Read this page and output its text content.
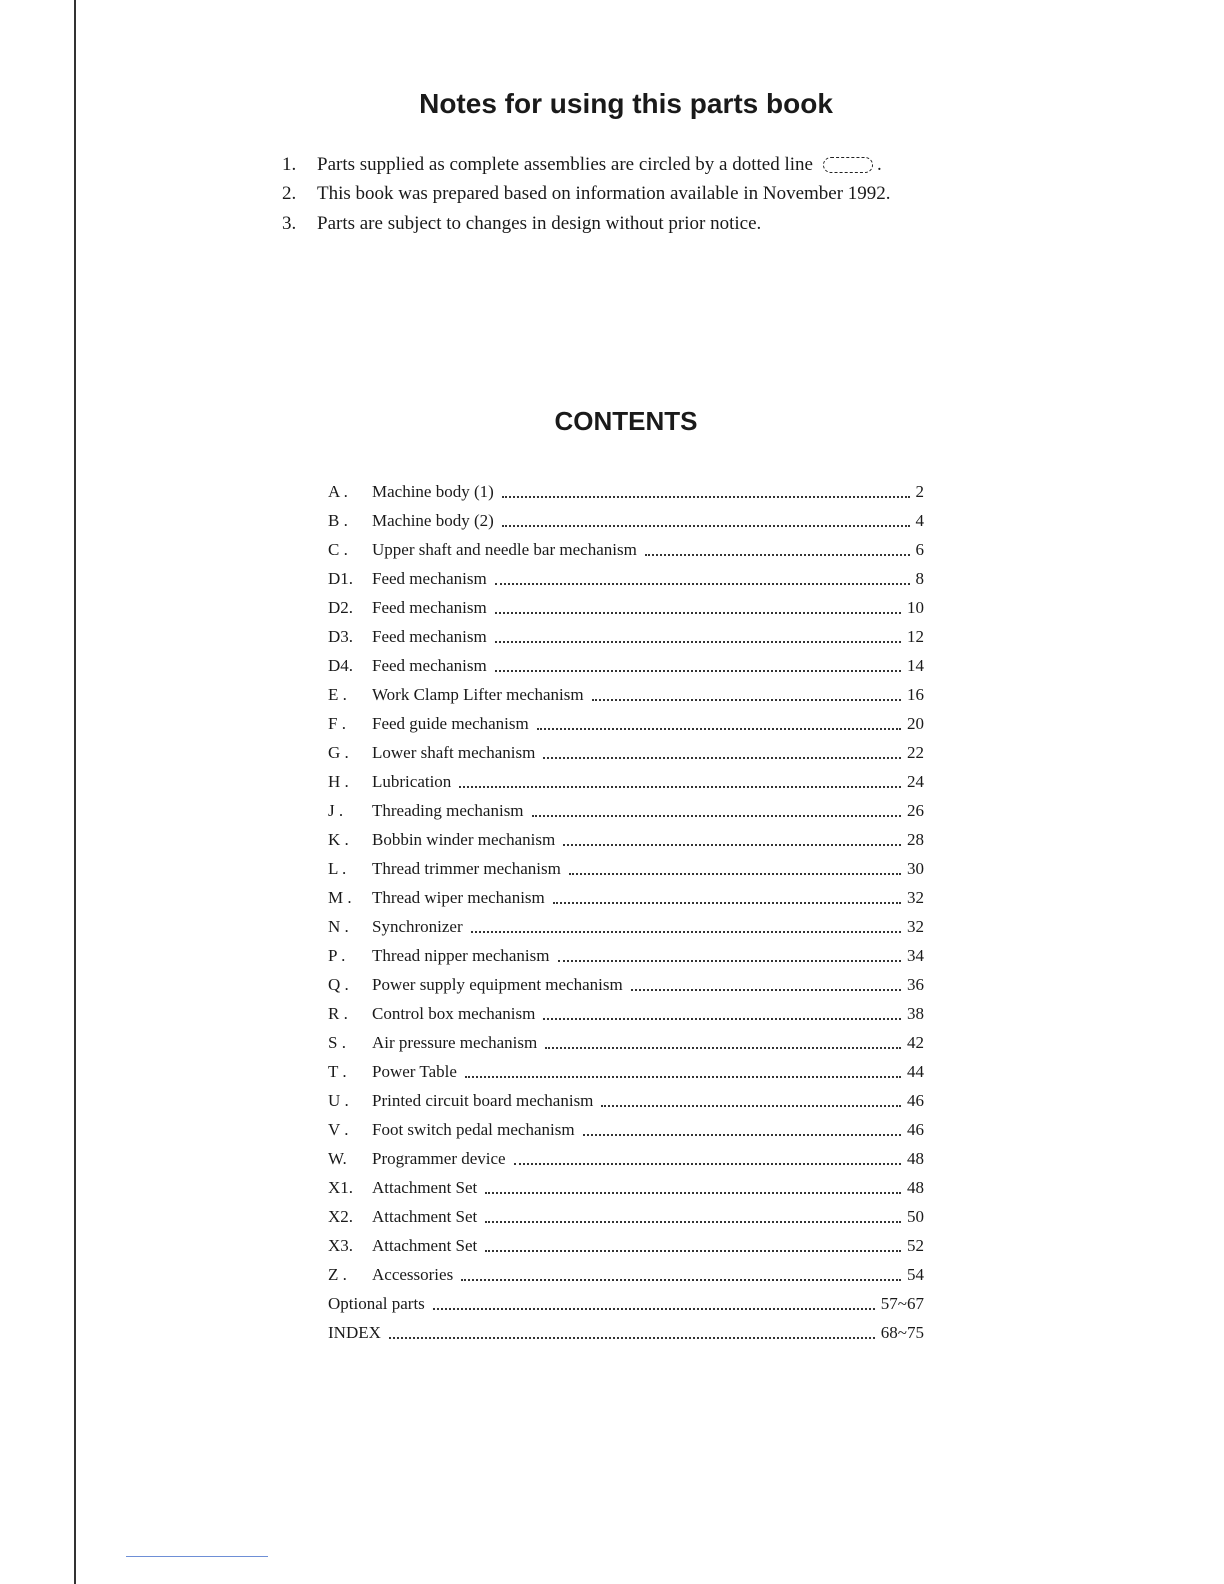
Notes for using this parts book
1.	Parts supplied as complete assemblies are circled by a dotted line	.
2.	This book was prepared based on information available in November 1992.
3.	Parts are subject to changes in design without prior notice.
CONTENTS
A .	Machine body (1)	2
B .	Machine body (2)	4
C .	Upper shaft and needle bar mechanism	6
D1.	Feed mechanism	8
D2.	Feed mechanism	10
D3.	Feed mechanism	12
D4.	Feed mechanism	14
E .	Work Clamp Lifter mechanism	16
F .	Feed guide mechanism	20
G .	Lower shaft mechanism	22
H .	Lubrication	24
J .	Threading mechanism	26
K .	Bobbin winder mechanism	28
L .	Thread trimmer mechanism	30
M .	Thread wiper mechanism	32
N .	Synchronizer	32
P .	Thread nipper mechanism	34
Q .	Power supply equipment mechanism	36
R .	Control box mechanism	38
S .	Air pressure mechanism	42
T .	Power Table	44
U .	Printed circuit board mechanism	46
V .	Foot switch pedal mechanism	46
W.	Programmer device	48
X1.	Attachment Set	48
X2.	Attachment Set	50
X3.	Attachment Set	52
Z .	Accessories	54
Optional parts	57~67
INDEX	68~75
